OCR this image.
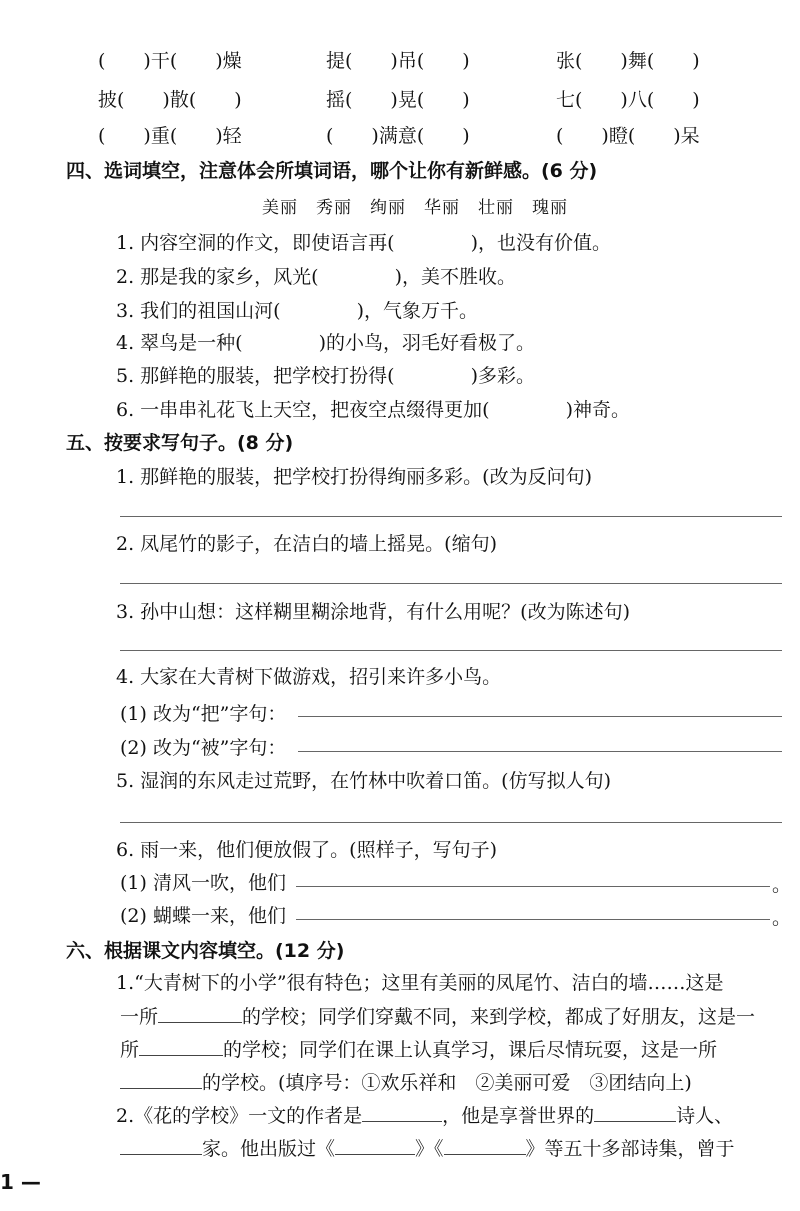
(　　)干(　　)燥	提(　　)吊(　　)	张(　　)舞(　　)
披(　　)散(　　)	摇(　　)晃(　　)	七(　　)八(　　)
(　　)重(　　)轻	(　　)满意(　　)	(　　)瞪(　　)呆
四、选词填空，注意体会所填词语，哪个让你有新鲜感。(6 分)
美丽　秀丽　绚丽　华丽　壮丽　瑰丽
1. 内容空洞的作文，即使语言再(　　　　)，也没有价值。
2. 那是我的家乡，风光(　　　　)，美不胜收。
3. 我们的祖国山河(　　　　)，气象万千。
4. 翠鸟是一种(　　　　)的小鸟，羽毛好看极了。
5. 那鲜艳的服装，把学校打扮得(　　　　)多彩。
6. 一串串礼花飞上天空，把夜空点缀得更加(　　　　)神奇。
五、按要求写句子。(8 分)
1. 那鲜艳的服装，把学校打扮得绚丽多彩。(改为反问句)
2. 凤尾竹的影子，在洁白的墙上摇晃。(缩句)
3. 孙中山想：这样糊里糊涂地背，有什么用呢？(改为陈述句)
4. 大家在大青树下做游戏，招引来许多小鸟。
(1) 改为“把”字句：
(2) 改为“被”字句：
5. 湿润的东风走过荒野，在竹林中吹着口笛。(仿写拟人句)
6. 雨一来，他们便放假了。(照样子，写句子)
(1) 清风一吹，他们	。
(2) 蝴蝶一来，他们	。
六、根据课文内容填空。(12 分)
1.“大青树下的小学”很有特色；这里有美丽的凤尾竹、洁白的墙……这是
一所	的学校；同学们穿戴不同，来到学校，都成了好朋友，这是一
所	的学校；同学们在课上认真学习，课后尽情玩耍，这是一所
的学校。(填序号：①欢乐祥和　②美丽可爱　③团结向上)
2.《花的学校》一文的作者是	，他是享誉世界的	诗人、
家。他出版过《	》《	》等五十多部诗集，曾于
1 —
